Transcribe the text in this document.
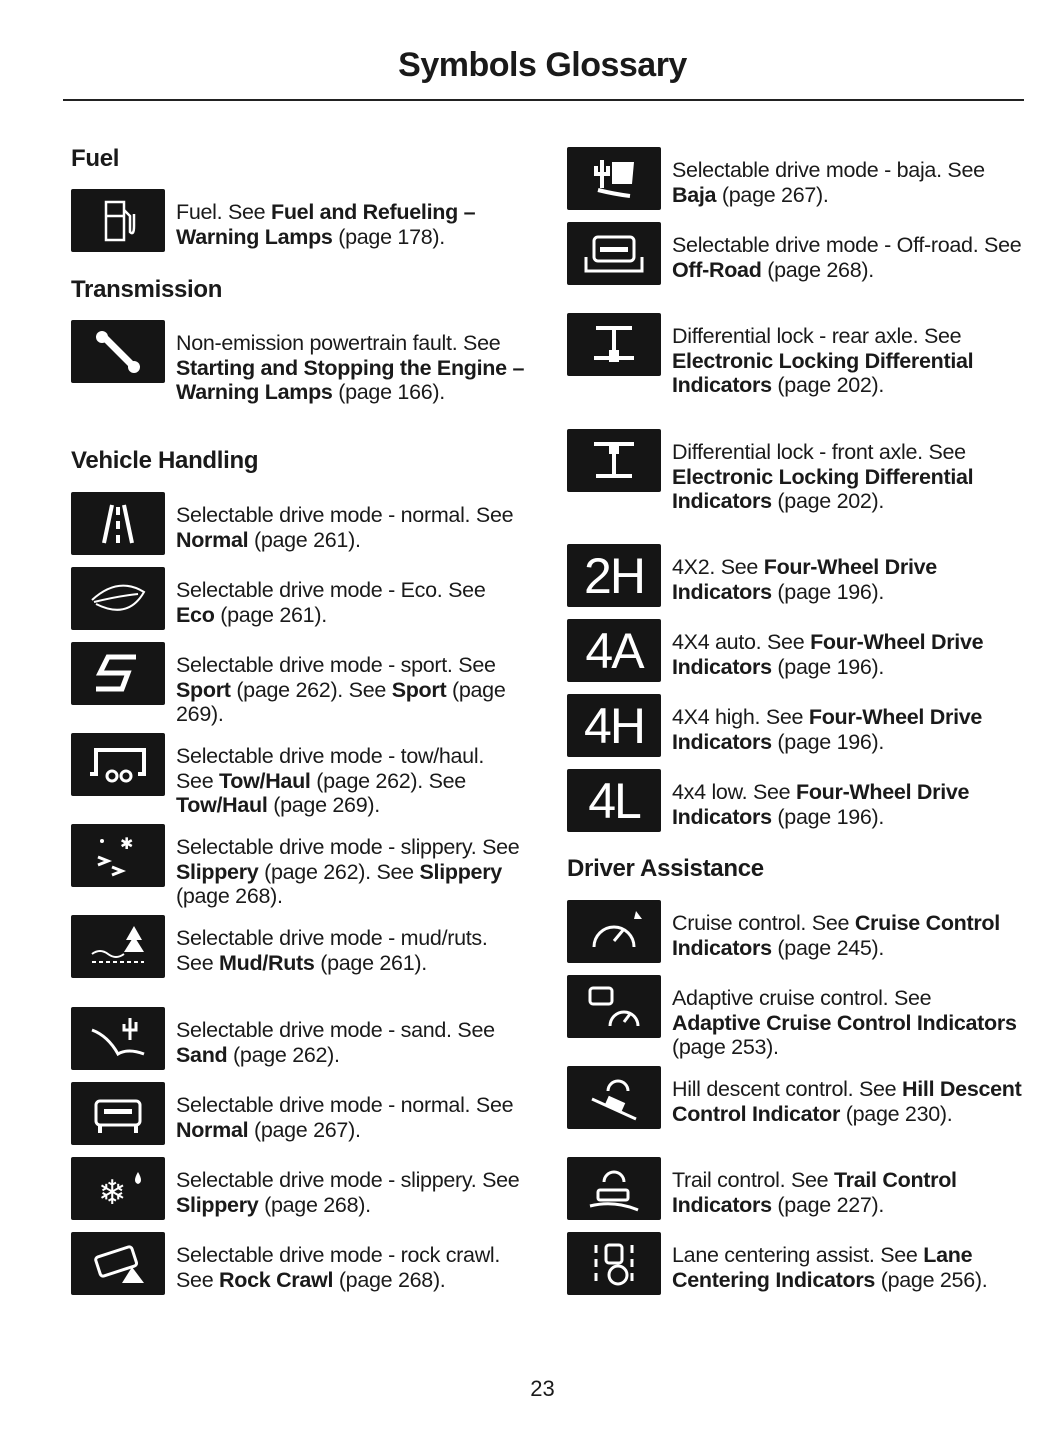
Symbols Glossary
Fuel
Transmission
Vehicle Handling
Driver Assistance
Fuel. See Fuel and Refueling – Warning Lamps (page 178).
Non-emission powertrain fault. See Starting and Stopping the Engine – Warning Lamps (page 166).
Selectable drive mode - normal. See Normal (page 261).
Selectable drive mode - Eco. See Eco (page 261).
Selectable drive mode - sport. See Sport (page 262). See Sport (page 269).
Selectable drive mode - tow/haul. See Tow/Haul (page 262). See Tow/Haul (page 269).
✱ Selectable drive mode - slippery. See Slippery (page 262). See Slippery (page 268).
Selectable drive mode - mud/ruts. See Mud/Ruts (page 261).
Selectable drive mode - sand. See Sand (page 262).
Selectable drive mode - normal. See Normal (page 267).
❄ Selectable drive mode - slippery. See Slippery (page 268).
Selectable drive mode - rock crawl. See Rock Crawl (page 268).
Selectable drive mode - baja. See Baja (page 267).
Selectable drive mode - Off-road. See Off-Road (page 268).
Differential lock - rear axle. See Electronic Locking Differential Indicators (page 202).
Differential lock - front axle. See Electronic Locking Differential Indicators (page 202).
2H 4X2. See Four-Wheel Drive Indicators (page 196).
4A 4X4 auto. See Four-Wheel Drive Indicators (page 196).
4H 4X4 high. See Four-Wheel Drive Indicators (page 196).
4L 4x4 low. See Four-Wheel Drive Indicators (page 196).
Cruise control. See Cruise Control Indicators (page 245).
Adaptive cruise control. See Adaptive Cruise Control Indicators (page 253).
Hill descent control. See Hill Descent Control Indicator (page 230).
Trail control. See Trail Control Indicators (page 227).
Lane centering assist. See Lane Centering Indicators (page 256).
23
